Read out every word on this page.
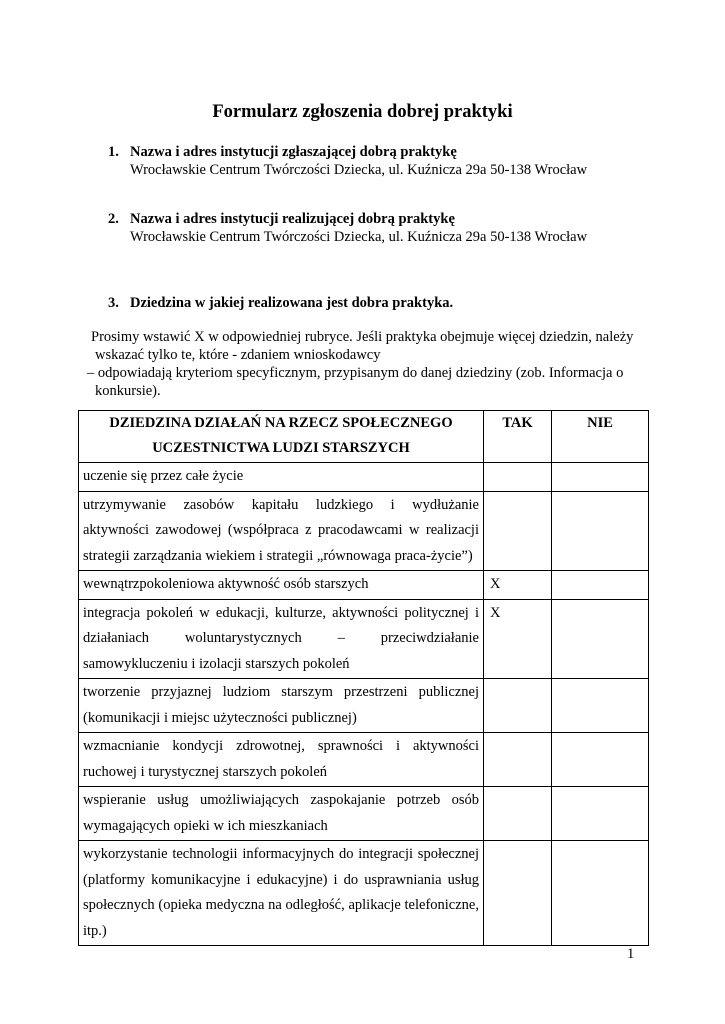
Formularz zgłoszenia dobrej praktyki
1. Nazwa i adres instytucji zgłaszającej dobrą praktykę
Wrocławskie Centrum Twórczości Dziecka, ul. Kuźnicza 29a 50-138 Wrocław
2. Nazwa i adres instytucji realizującej dobrą praktykę
Wrocławskie Centrum Twórczości Dziecka, ul. Kuźnicza 29a 50-138 Wrocław
3. Dziedzina w jakiej realizowana jest dobra praktyka.
Prosimy wstawić X w odpowiedniej rubryce. Jeśli praktyka obejmuje więcej dziedzin, należy
wskazać tylko te, które - zdaniem wnioskodawcy
– odpowiadają kryteriom specyficznym, przypisanym do danej dziedziny (zob. Informacja o
konkursie).
DZIEDZINA DZIAŁAŃ NA RZECZ SPOŁECZNEGO
UCZESTNICTWA LUDZI STARSZYCH	TAK	NIE
uczenie się przez całe życie		
utrzymywanie zasobów kapitału ludzkiego i wydłużanie aktywności zawodowej (współpraca z pracodawcami w realizacji strategii zarządzania wiekiem i strategii „równowaga praca-życie”)		
wewnątrzpokoleniowa aktywność osób starszych	X	
integracja pokoleń w edukacji, kulturze, aktywności politycznej i działaniach woluntarystycznych – przeciwdziałanie samowykluczeniu i izolacji starszych pokoleń	X	
tworzenie przyjaznej ludziom starszym przestrzeni publicznej (komunikacji i miejsc użyteczności publicznej)		
wzmacnianie kondycji zdrowotnej, sprawności i aktywności ruchowej i turystycznej starszych pokoleń		
wspieranie usług umożliwiających zaspokajanie potrzeb osób wymagających opieki w ich mieszkaniach		
wykorzystanie technologii informacyjnych do integracji społecznej (platformy komunikacyjne i edukacyjne) i do usprawniania usług społecznych (opieka medyczna na odległość, aplikacje telefoniczne, itp.)		
1
